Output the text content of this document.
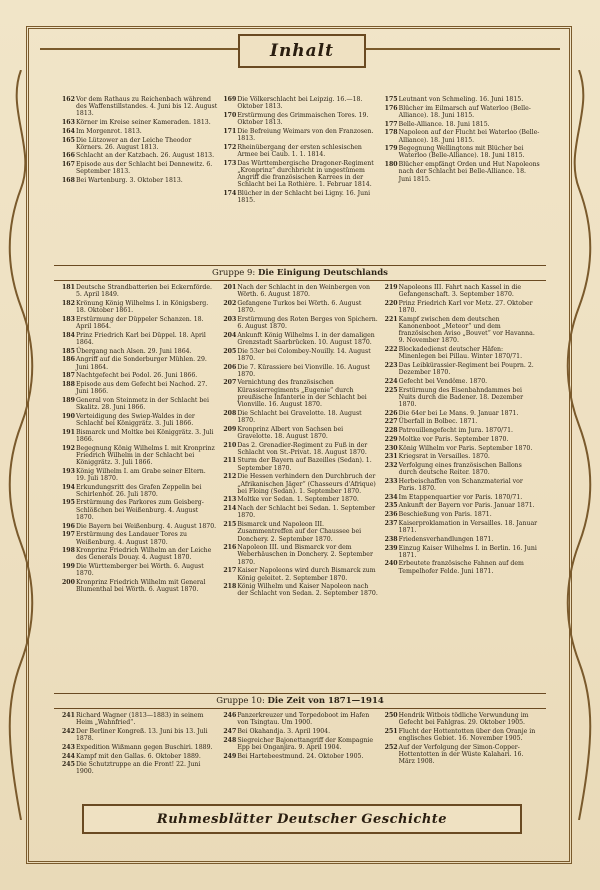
Inhalt
162 Vor dem Rathaus zu Reichenbach während des Waffenstillstandes. 4. Juni bis 12. August 1813.
163 Körner im Kreise seiner Kameraden. 1813.
164 Im Morgenrot. 1813.
165 Die Lützower an der Leiche Theodor Körners. 26. August 1813.
166 Schlacht an der Katzbach. 26. August 1813.
167 Episode aus der Schlacht bei Dennewitz. 6. September 1813.
168 Bei Wartenburg. 3. Oktober 1813.
169 Die Völkerschlacht bei Leipzig. 16.—18. Oktober 1813.
170 Erstürmung des Grimmaischen Tores. 19. Oktober 1813.
171 Die Befreiung Weimars von den Franzosen. 1813.
172 Rheinübergang der ersten schlesischen Armee bei Caub. 1. 1. 1814.
173 Das Württembergische Dragoner-Regiment „Kronprinz“ durchbricht in ungestümem Angriff die französischen Karrees in der Schlacht bei La Rothière. 1. Februar 1814.
174 Blücher in der Schlacht bei Ligny. 16. Juni 1815.
175 Leutnant von Schmeling. 16. Juni 1815.
176 Blücher im Eilmarsch auf Waterloo (Belle-Alliance). 18. Juni 1815.
177 Belle-Alliance. 18. Juni 1815.
178 Napoleon auf der Flucht bei Waterloo (Belle-Alliance). 18. Juni 1815.
179 Begegnung Wellingtons mit Blücher bei Waterloo (Belle-Alliance). 18. Juni 1815.
180 Blücher empfängt Orden und Hut Napoleons nach der Schlacht bei Belle-Alliance. 18. Juni 1815.
Gruppe 9: Die Einigung Deutschlands
181 Deutsche Strandbatterien bei Eckernförde. 5. April 1849.
182 Krönung König Wilhelms I. in Königsberg. 18. Oktober 1861.
183 Erstürmung der Düppeler Schanzen. 18. April 1864.
184 Prinz Friedrich Karl bei Düppel. 18. April 1864.
185 Übergang nach Alsen. 29. Juni 1864.
186 Angriff auf die Sonderburger Mühlen. 29. Juni 1864.
187 Nachtgefecht bei Podol. 26. Juni 1866.
188 Episode aus dem Gefecht bei Nachod. 27. Juni 1866.
189 General von Steinmetz in der Schlacht bei Skalitz. 28. Juni 1866.
190 Verteidigung des Swiep-Waldes in der Schlacht bei Königgrätz. 3. Juli 1866.
191 Bismarck und Moltke bei Königgrätz. 3. Juli 1866.
192 Begegnung König Wilhelms I. mit Kronprinz Friedrich Wilhelm in der Schlacht bei Königgrätz. 3. Juli 1866.
193 König Wilhelm I. am Grabe seiner Eltern. 19. Juli 1870.
194 Erkundungsritt des Grafen Zeppelin bei Schirlenhof. 26. Juli 1870.
195 Erstürmung des Parkores zum Geisberg-Schlößchen bei Weißenburg. 4. August 1870.
196 Die Bayern bei Weißenburg. 4. August 1870.
197 Erstürmung des Landauer Tores zu Weißenburg. 4. August 1870.
198 Kronprinz Friedrich Wilhelm an der Leiche des Generals Douay. 4. August 1870.
199 Die Württemberger bei Wörth. 6. August 1870.
200 Kronprinz Friedrich Wilhelm mit General Blumenthal bei Wörth. 6. August 1870.
201 Nach der Schlacht in den Weinbergen von Wörth. 6. August 1870.
202 Gefangene Turkos bei Wörth. 6. August 1870.
203 Erstürmung des Roten Berges von Spichern. 6. August 1870.
204 Ankunft König Wilhelms I. in der damaligen Grenzstadt Saarbrücken. 10. August 1870.
205 Die 53er bei Colombey-Nouilly. 14. August 1870.
206 Die 7. Kürassiere bei Vionville. 16. August 1870.
207 Vernichtung des französischen Kürassierregiments „Eugenie“ durch preußische Infanterie in der Schlacht bei Vionville. 16. August 1870.
208 Die Schlacht bei Gravelotte. 18. August 1870.
209 Kronprinz Albert von Sachsen bei Gravelotte. 18. August 1870.
210 Das 2. Grenadier-Regiment zu Fuß in der Schlacht von St.-Privat. 18. August 1870.
211 Sturm der Bayern auf Bazeilles (Sedan). 1. September 1870.
212 Die Hessen verhindern den Durchbruch der „Afrikanischen Jäger“ (Chasseurs d'Afrique) bei Floing (Sedan). 1. September 1870.
213 Moltke vor Sedan. 1. September 1870.
214 Nach der Schlacht bei Sedan. 1. September 1870.
215 Bismarck und Napoleon III. Zusammentreffen auf der Chaussee bei Donchery. 2. September 1870.
216 Napoleon III. und Bismarck vor dem Weberhäuschen in Donchery. 2. September 1870.
217 Kaiser Napoleons wird durch Bismarck zum König geleitet. 2. September 1870.
218 König Wilhelm und Kaiser Napoleon nach der Schlacht von Sedan. 2. September 1870.
219 Napoleons III. Fahrt nach Kassel in die Gefangenschaft. 3. September 1870.
220 Prinz Friedrich Karl vor Metz. 27. Oktober 1870.
221 Kampf zwischen dem deutschen Kanonenboot „Meteor“ und dem französischen Aviso „Bouvet“ vor Havanna. 9. November 1870.
222 Blockadedienst deutscher Häfen: Minenlegen bei Pillau. Winter 1870/71.
223 Das Leibkürassier-Regiment bei Pouprn. 2. Dezember 1870.
224 Gefecht bei Vendôme. 1870.
225 Erstürmung des Eisenbahndammes bei Nuits durch die Badener. 18. Dezember 1870.
226 Die 64er bei Le Mans. 9. Januar 1871.
227 Überfall in Bolbec. 1871.
228 Patrouillengefecht im Jura. 1870/71.
229 Moltke vor Paris. September 1870.
230 König Wilhelm vor Paris. September 1870.
231 Kriegsrat in Versailles. 1870.
232 Verfolgung eines französischen Ballons durch deutsche Reiter. 1870.
233 Herbeischaffen von Schanzmaterial vor Paris. 1870.
234 Im Etappenquartier vor Paris. 1870/71.
235 Ankunft der Bayern vor Paris. Januar 1871.
236 Beschießung von Paris. 1871.
237 Kaiserproklamation in Versailles. 18. Januar 1871.
238 Friedensverhandlungen 1871.
239 Einzug Kaiser Wilhelms I. in Berlin. 16. Juni 1871.
240 Erbeutete französische Fahnen auf dem Tempelhofer Felde. Juni 1871.
Gruppe 10: Die Zeit von 1871—1914
241 Richard Wagner (1813—1883) in seinem Heim „Wahnfried“.
242 Der Berliner Kongreß. 13. Juni bis 13. Juli 1878.
243 Expedition Wißmann gegen Buschiri. 1889.
244 Kampf mit den Gallas. 6. Oktober 1889.
245 Die Schutztruppe an die Front! 22. Juni 1900.
246 Panzerkreuzer und Torpedoboot im Hafen von Tsingtau. Um 1900.
247 Bei Okahandja. 3. April 1904.
248 Siegreicher Bajonettangriff der Kompagnie Epp bei Onganjira. 9. April 1904.
249 Bei Hartebeestmund. 24. Oktober 1905.
250 Hendrik Witbois tödliche Verwundung im Gefecht bei Fahlgras. 29. Oktober 1905.
251 Flucht der Hottentotten über den Oranje in englisches Gebiet. 16. November 1905.
252 Auf der Verfolgung der Simon-Copper-Hottentotten in der Wüste Kalahari. 16. März 1908.
Ruhmesblätter Deutscher Geschichte
